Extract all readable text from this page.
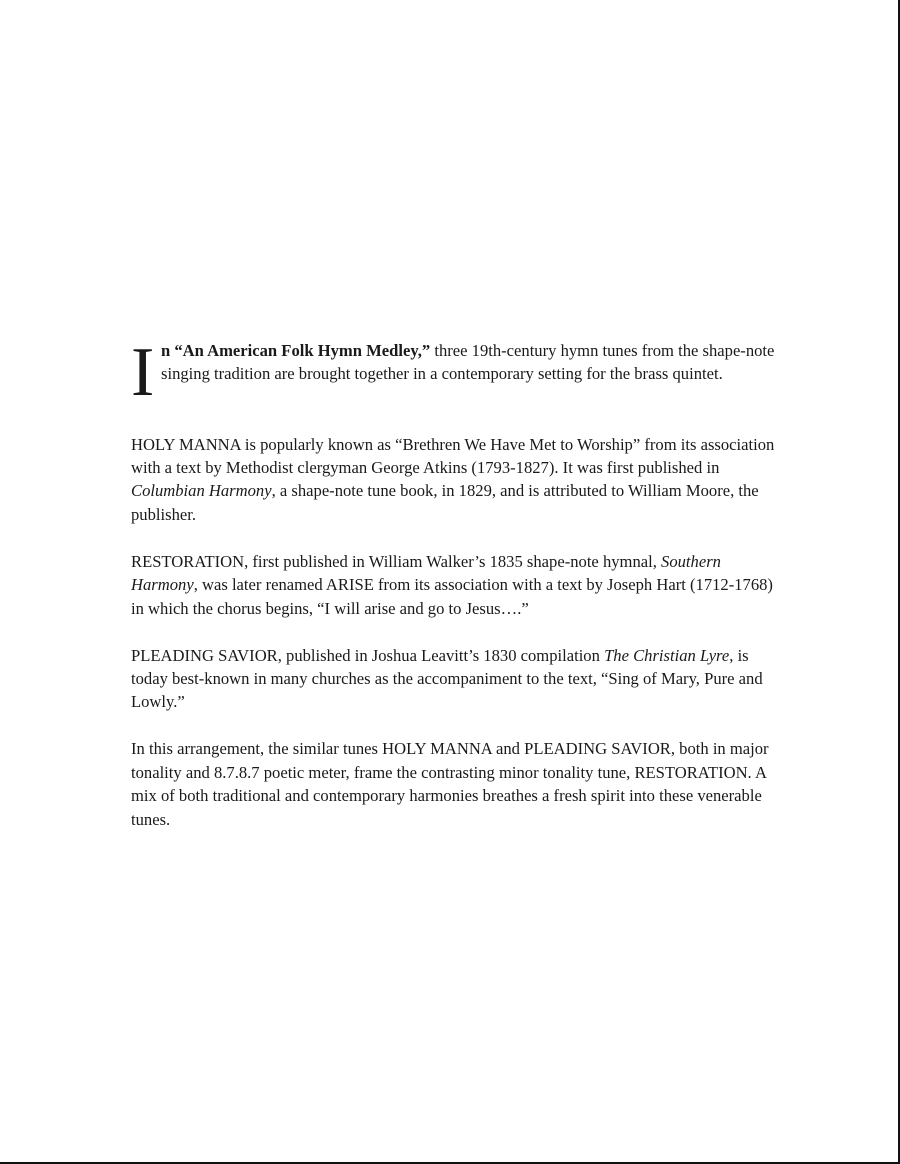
I n “An American Folk Hymn Medley,” three 19th-century hymn tunes from the shape-note singing tradition are brought together in a contemporary setting for the brass quintet.

HOLY MANNA is popularly known as “Brethren We Have Met to Worship” from its association with a text by Methodist clergyman George Atkins (1793-1827). It was first published in Columbian Harmony, a shape-note tune book, in 1829, and is attributed to William Moore, the publisher.

RESTORATION, first published in William Walker’s 1835 shape-note hymnal, Southern Harmony, was later renamed ARISE from its association with a text by Joseph Hart (1712-1768) in which the chorus begins, “I will arise and go to Jesus….”

PLEADING SAVIOR, published in Joshua Leavitt’s 1830 compilation The Christian Lyre, is today best-known in many churches as the accompaniment to the text, “Sing of Mary, Pure and Lowly.”

In this arrangement, the similar tunes HOLY MANNA and PLEADING SAVIOR, both in major tonality and 8.7.8.7 poetic meter, frame the contrasting minor tonality tune, RESTORATION. A mix of both traditional and contemporary harmonies breathes a fresh spirit into these venerable tunes.
